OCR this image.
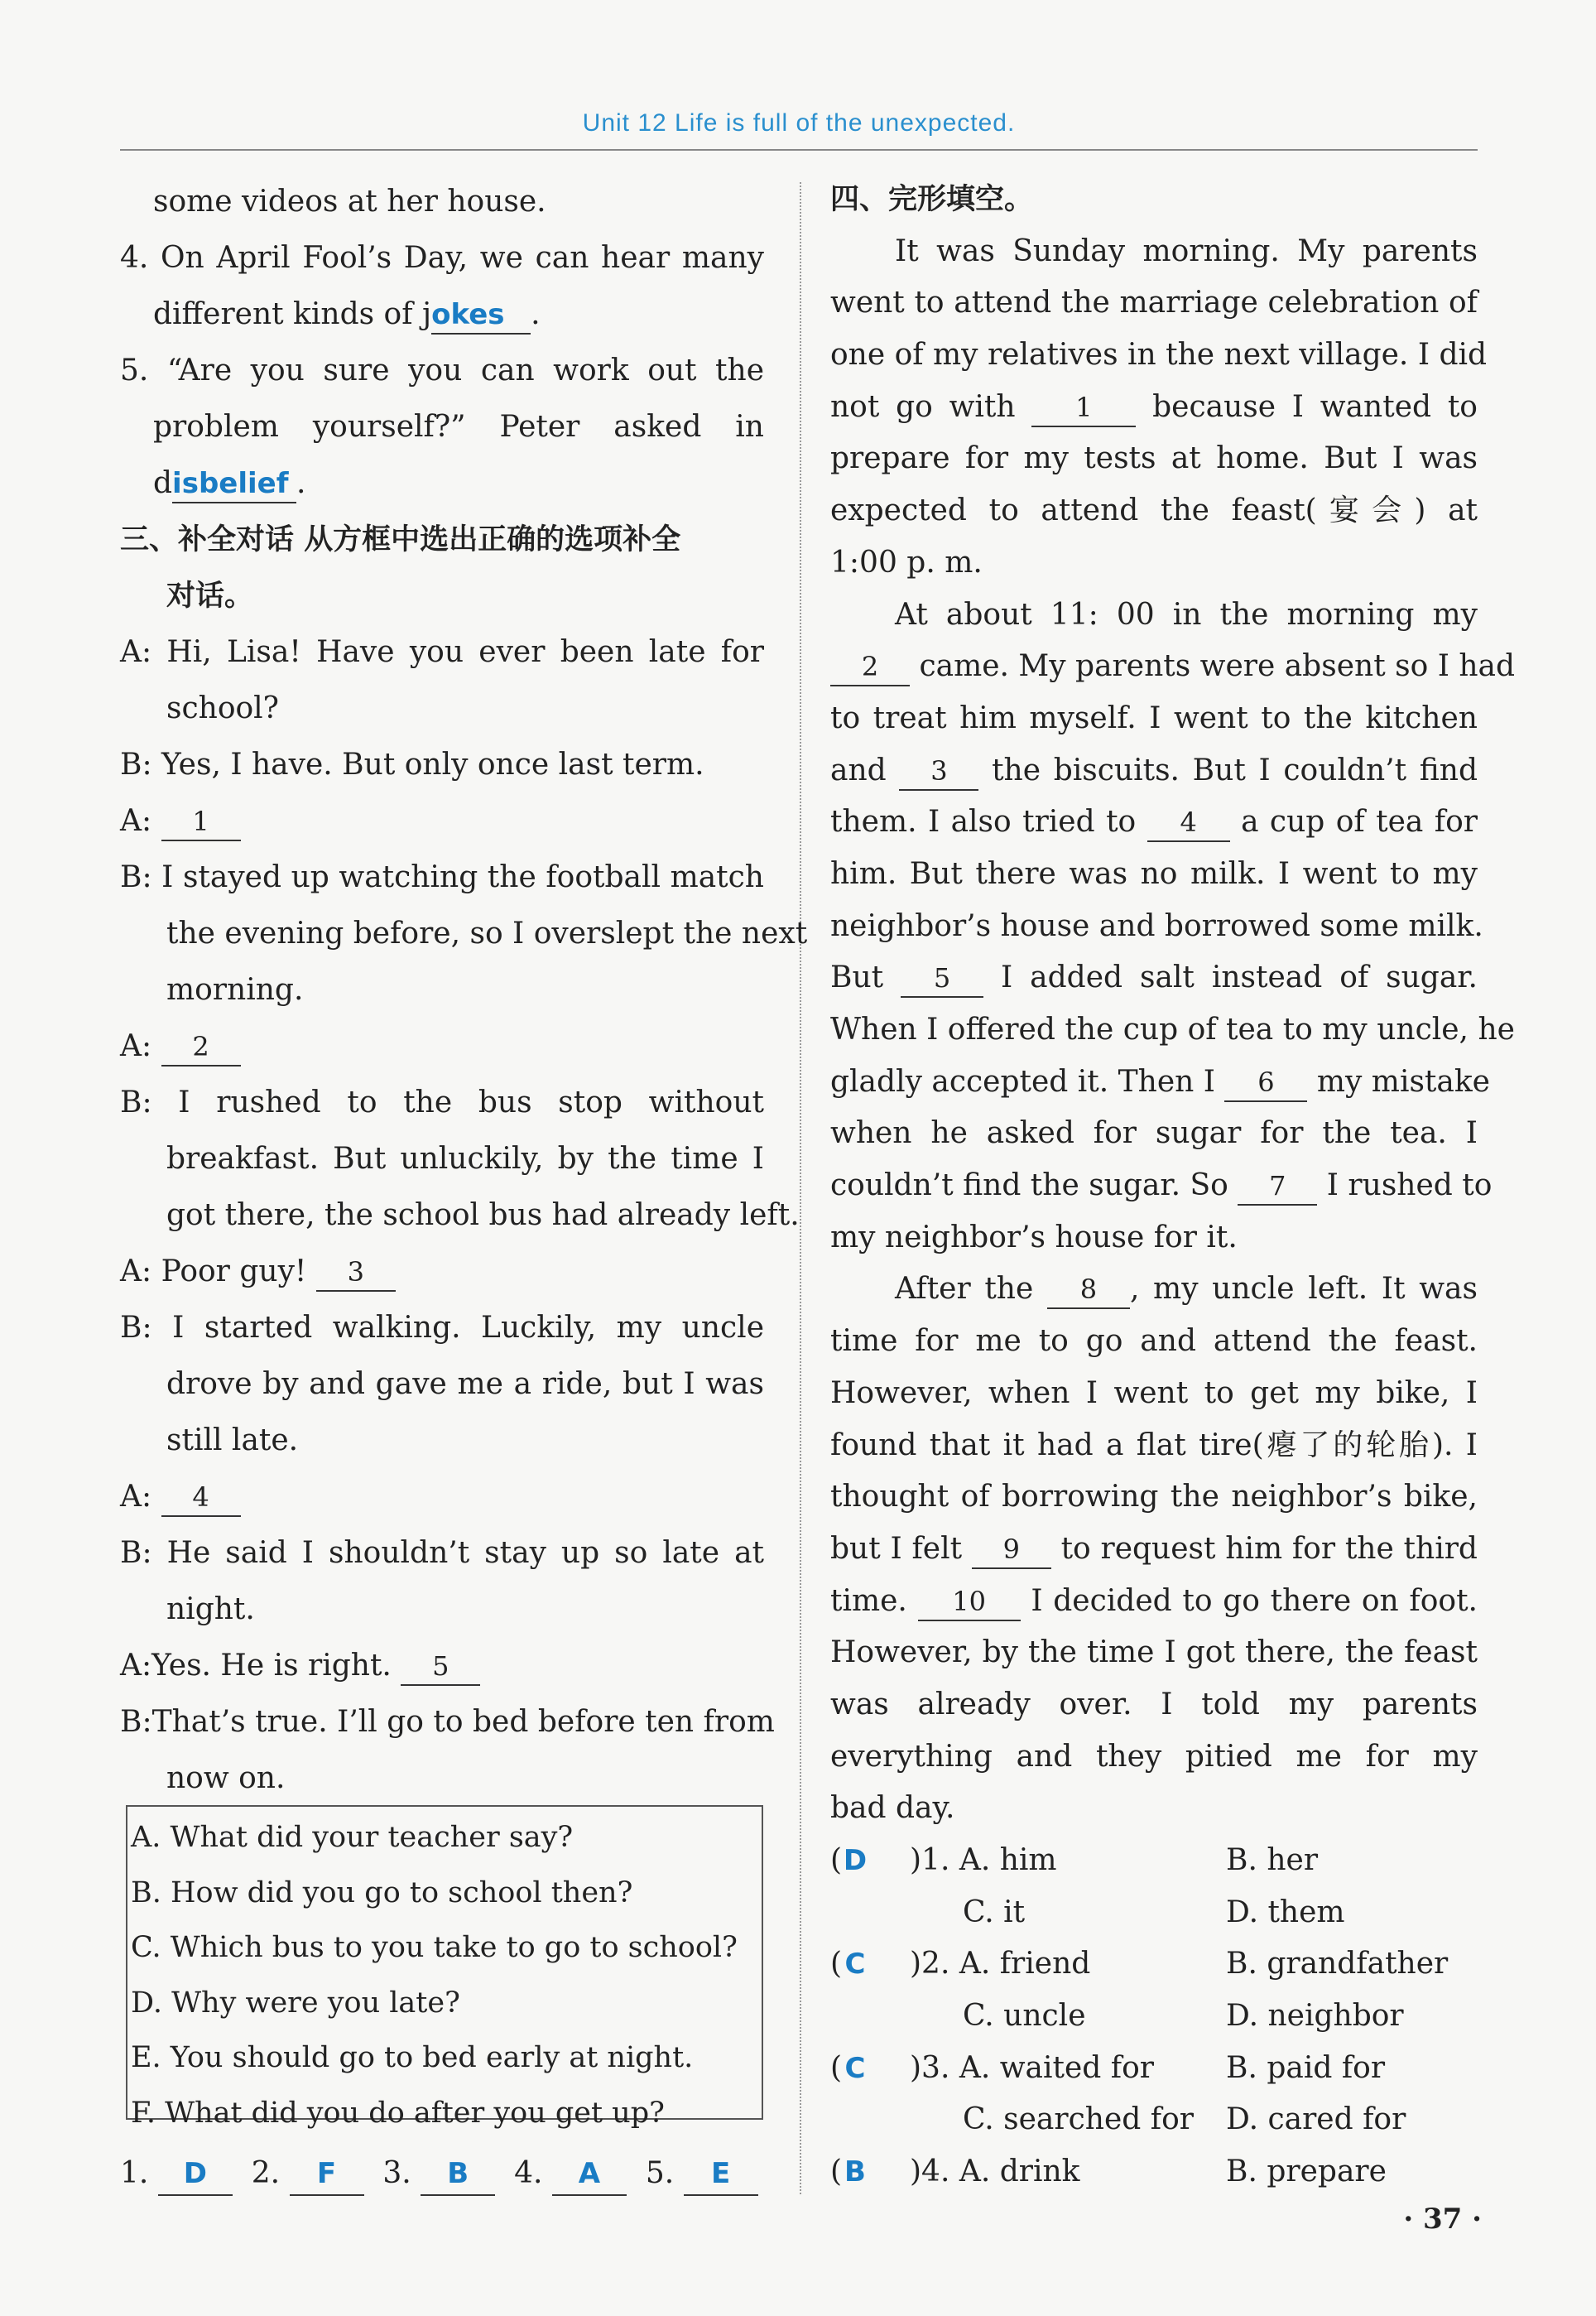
Unit 12 Life is full of the unexpected.
some videos at her house.
4. On April Fool’s Day, we can hear many
different kinds of jokes .
5. “Are you sure you can work out the
problem yourself?” Peter asked in
disbelief .
三、补全对话 从方框中选出正确的选项补全
对话。
A: Hi, Lisa! Have you ever been late for
school?
B: Yes, I have. But only once last term.
A: 1
B: I stayed up watching the football match
the evening before, so I overslept the next
morning.
A: 2
B: I rushed to the bus stop without
breakfast. But unluckily, by the time I
got there, the school bus had already left.
A: Poor guy! 3
B: I started walking. Luckily, my uncle
drove by and gave me a ride, but I was
still late.
A: 4
B: He said I shouldn’t stay up so late at
night.
A:Yes. He is right. 5
B:That’s true. I’ll go to bed before ten from
now on.
A. What did your teacher say?
B. How did you go to school then?
C. Which bus to you take to go to school?
D. Why were you late?
E. You should go to bed early at night.
F. What did you do after you get up?
1. D 2. F 3. B 4. A 5. E
四、完形填空。
It was Sunday morning. My parents
went to attend the marriage celebration of
one of my relatives in the next village. I did
not go with 1 because I wanted to
prepare for my tests at home. But I was
expected to attend the feast(宴会) at
1:00 p. m.
At about 11: 00 in the morning my
2 came. My parents were absent so I had
to treat him myself. I went to the kitchen
and 3 the biscuits. But I couldn’t find
them. I also tried to 4 a cup of tea for
him. But there was no milk. I went to my
neighbor’s house and borrowed some milk.
But 5 I added salt instead of sugar.
When I offered the cup of tea to my uncle, he
gladly accepted it. Then I 6 my mistake
when he asked for sugar for the tea. I
couldn’t find the sugar. So 7 I rushed to
my neighbor’s house for it.
After the 8 , my uncle left. It was
time for me to go and attend the feast.
However, when I went to get my bike, I
found that it had a flat tire(瘪了的轮胎). I
thought of borrowing the neighbor’s bike,
but I felt 9 to request him for the third
time. 10 I decided to go there on foot.
However, by the time I got there, the feast
was already over. I told my parents
everything and they pitied me for my
bad day.
( D	)1. A. him	B. her
C. it	D. them
( C	)2. A. friend	B. grandfather
C. uncle	D. neighbor
( C	)3. A. waited for B. paid for
C. searched for D. cared for
( B	)4. A. drink	B. prepare
· 37 ·
